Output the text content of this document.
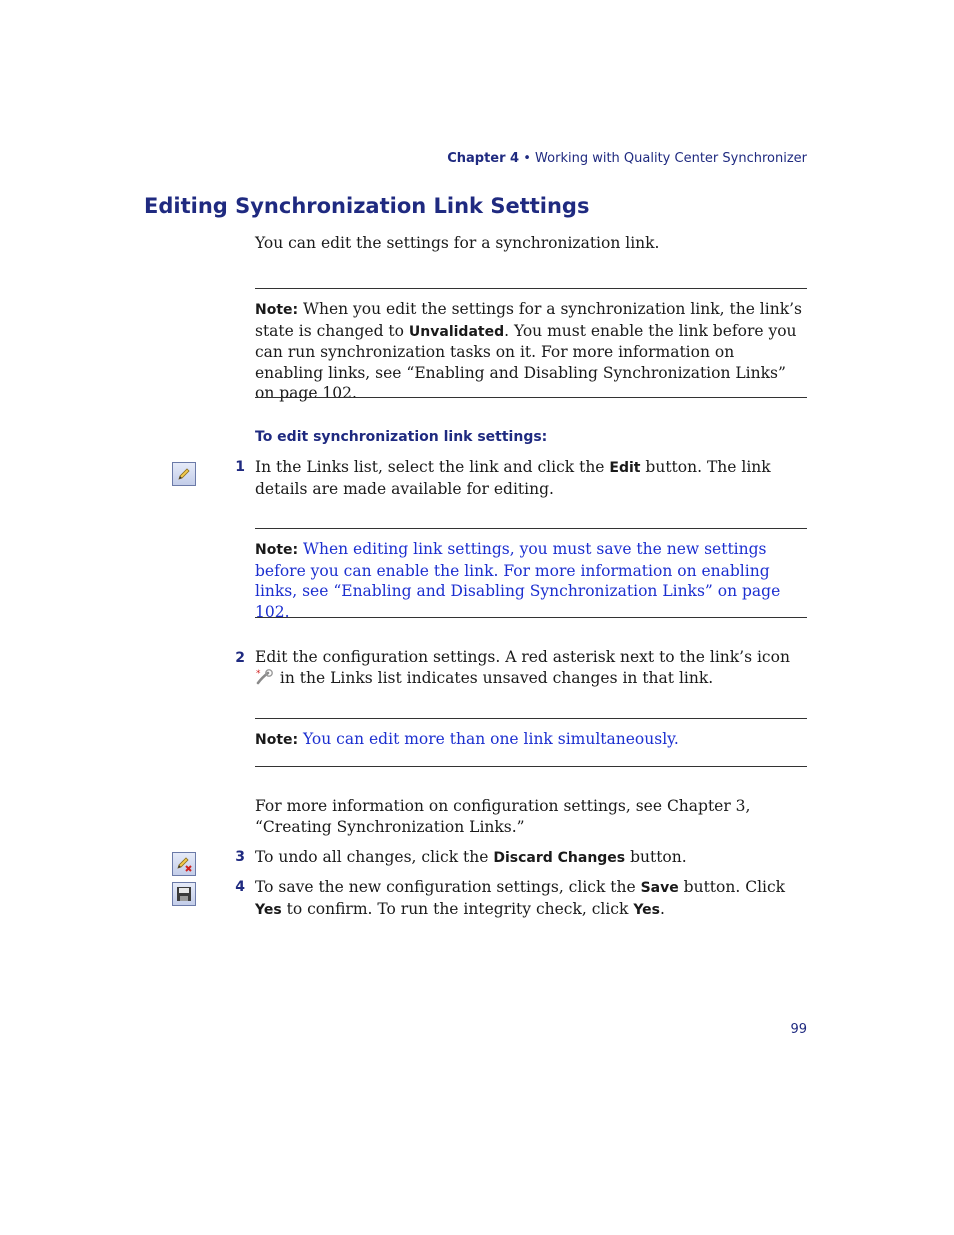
Chapter 4 • Working with Quality Center Synchronizer
Editing Synchronization Link Settings
You can edit the settings for a synchronization link.
Note: When you edit the settings for a synchronization link, the link’s state is changed to Unvalidated. You must enable the link before you can run synchronization tasks on it. For more information on enabling links, see “Enabling and Disabling Synchronization Links” on page 102.
To edit synchronization link settings:
1 In the Links list, select the link and click the Edit button. The link details are made available for editing.
Note: When editing link settings, you must save the new settings before you can enable the link. For more information on enabling links, see “Enabling and Disabling Synchronization Links” on page 102.
2 Edit the configuration settings. A red asterisk next to the link’s icon
* in the Links list indicates unsaved changes in that link.
Note: You can edit more than one link simultaneously.
For more information on configuration settings, see Chapter 3, “Creating Synchronization Links.”
3 To undo all changes, click the Discard Changes button.
4 To save the new configuration settings, click the Save button. Click Yes to confirm. To run the integrity check, click Yes.
99
